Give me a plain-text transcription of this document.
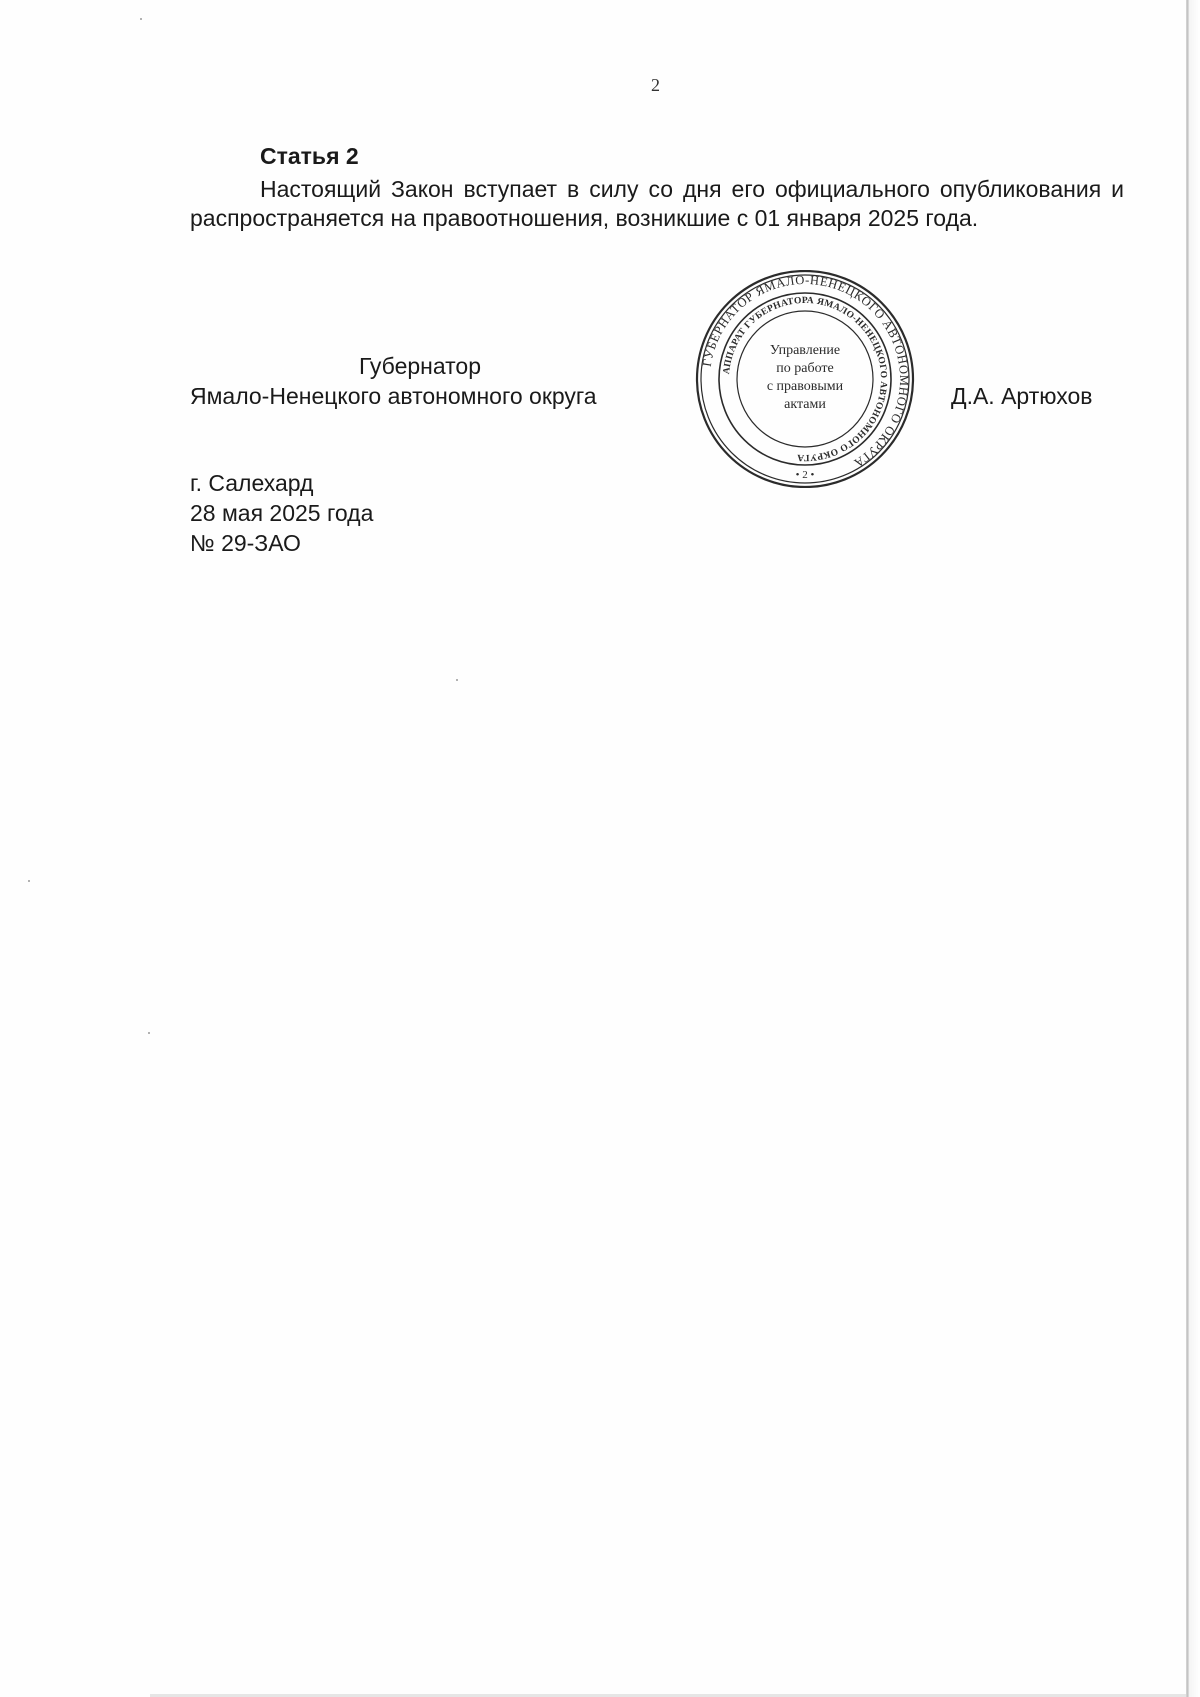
2
Статья 2

Настоящий Закон вступает в силу со дня его официального опубликования и распространяется на правоотношения, возникшие с 01 января 2025 года.

Губернатор
Ямало-Ненецкого автономного округа	Д.А. Артюхов
ГУБЕРНАТОР ЯМАЛО-НЕНЕЦКОГО АВТОНОМНОГО ОКРУГА
АППАРАТ ГУБЕРНАТОРА ЯМАЛО-НЕНЕЦКОГО АВТОНОМНОГО ОКРУГА
Управление
по работе
с правовыми
актами
• 2 •
г. Салехард
28 мая 2025 года
№ 29-ЗАО
